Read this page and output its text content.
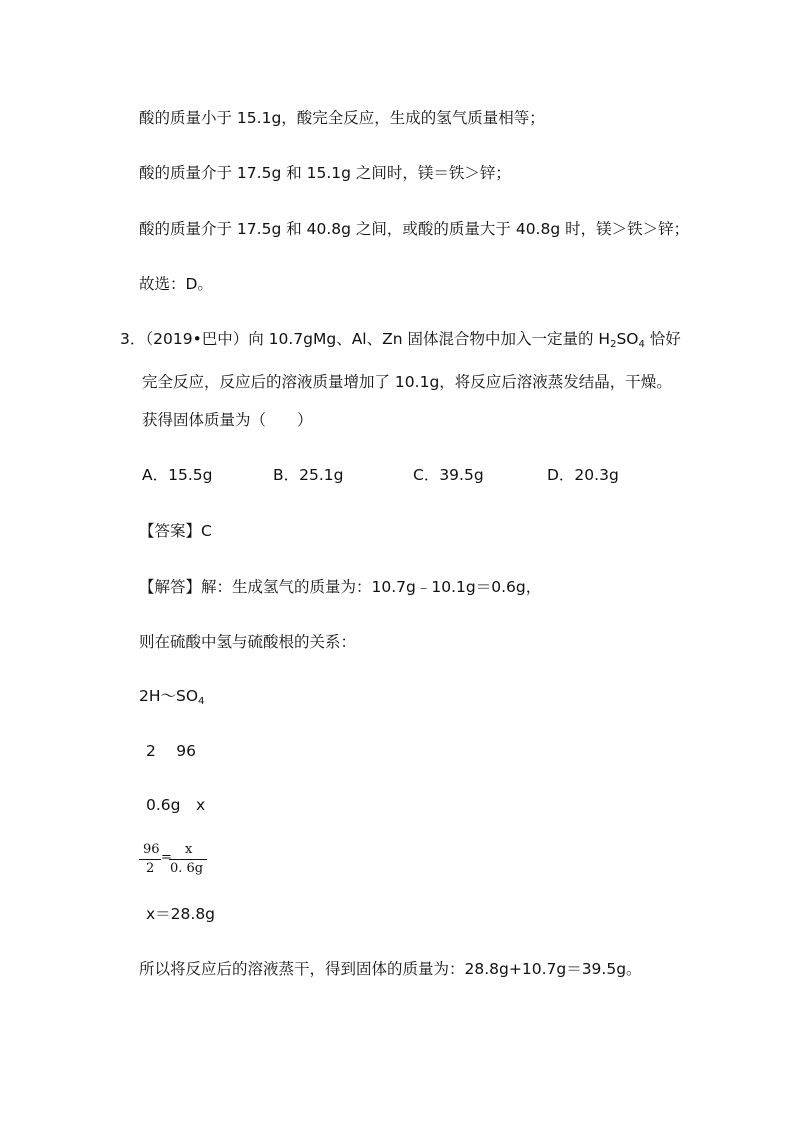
酸的质量小于 15.1g，酸完全反应，生成的氢气质量相等；
酸的质量介于 17.5g 和 15.1g 之间时，镁＝铁＞锌；
酸的质量介于 17.5g 和 40.8g 之间，或酸的质量大于 40.8g 时，镁＞铁＞锌；
故选：D。
3．（2019•巴中）向 10.7gMg、Al、Zn 固体混合物中加入一定量的 $H_2SO_4$ 恰好
完全反应，反应后的溶液质量增加了 10.1g，将反应后溶液蒸发结晶，干燥。
获得固体质量为（　　）
A．15.5g	B．25.1g	C．39.5g	D．20.3g
【答案】C
【解答】解：生成氢气的质量为：10.7g﹣10.1g＝0.6g，
则在硫酸中氢与硫酸根的关系：
$2H\sim SO_4$
2　 96
0.6g　x
96
2
=
x
0. 6g
x＝28.8g
所以将反应后的溶液蒸干，得到固体的质量为：28.8g+10.7g＝39.5g。
